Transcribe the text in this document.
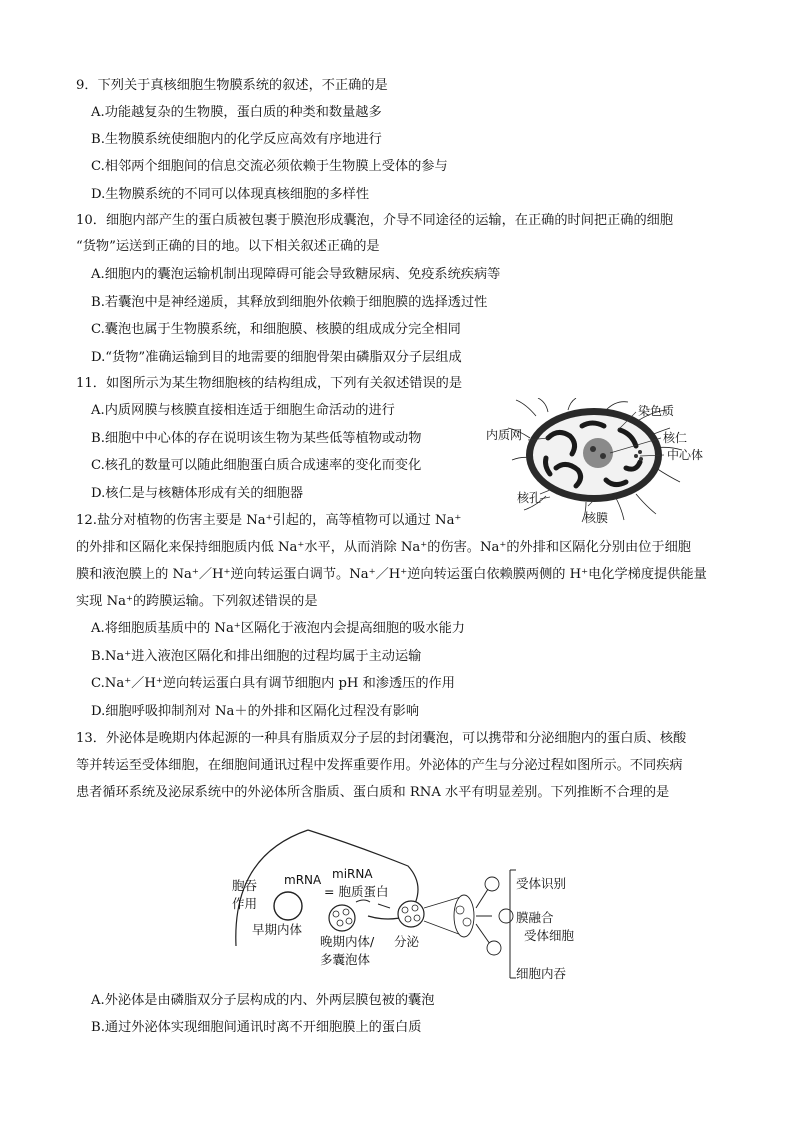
9．下列关于真核细胞生物膜系统的叙述，不正确的是
A.功能越复杂的生物膜，蛋白质的种类和数量越多
B.生物膜系统使细胞内的化学反应高效有序地进行
C.相邻两个细胞间的信息交流必须依赖于生物膜上受体的参与
D.生物膜系统的不同可以体现真核细胞的多样性
10．细胞内部产生的蛋白质被包裹于膜泡形成囊泡，介导不同途径的运输，在正确的时间把正确的细胞
“货物”运送到正确的目的地。以下相关叙述正确的是
A.细胞内的囊泡运输机制出现障碍可能会导致糖尿病、免疫系统疾病等
B.若囊泡中是神经递质，其释放到细胞外依赖于细胞膜的选择透过性
C.囊泡也属于生物膜系统，和细胞膜、核膜的组成成分完全相同
D.“货物”准确运输到目的地需要的细胞骨架由磷脂双分子层组成
11．如图所示为某生物细胞核的结构组成，下列有关叙述错误的是
A.内质网膜与核膜直接相连适于细胞生命活动的进行
B.细胞中中心体的存在说明该生物为某些低等植物或动物
C.核孔的数量可以随此细胞蛋白质合成速率的变化而变化
D.核仁是与核糖体形成有关的细胞器
内质网
染色质
核仁
中心体
核孔
核膜
12.盐分对植物的伤害主要是 Na⁺引起的，高等植物可以通过 Na⁺
的外排和区隔化来保持细胞质内低 Na⁺水平，从而消除 Na⁺的伤害。Na⁺的外排和区隔化分别由位于细胞
膜和液泡膜上的 Na⁺／H⁺逆向转运蛋白调节。Na⁺／H⁺逆向转运蛋白依赖膜两侧的 H⁺电化学梯度提供能量
实现 Na⁺的跨膜运输。下列叙述错误的是
A.将细胞质基质中的 Na⁺区隔化于液泡内会提高细胞的吸水能力
B.Na⁺进入液泡区隔化和排出细胞的过程均属于主动运输
C.Na⁺／H⁺逆向转运蛋白具有调节细胞内 pH 和渗透压的作用
D.细胞呼吸抑制剂对 Na＋的外排和区隔化过程没有影响
13．外泌体是晚期内体起源的一种具有脂质双分子层的封闭囊泡，可以携带和分泌细胞内的蛋白质、核酸
等并转运至受体细胞，在细胞间通讯过程中发挥重要作用。外泌体的产生与分泌过程如图所示。不同疾病
患者循环系统及泌尿系统中的外泌体所含脂质、蛋白质和 RNA 水平有明显差别。下列推断不合理的是
胞吞
作用
mRNA miRNA
= 胞质蛋白
早期内体
晚期内体/
多囊泡体
分泌
受体识别
膜融合
受体细胞
细胞内吞
A.外泌体是由磷脂双分子层构成的内、外两层膜包被的囊泡
B.通过外泌体实现细胞间通讯时离不开细胞膜上的蛋白质
